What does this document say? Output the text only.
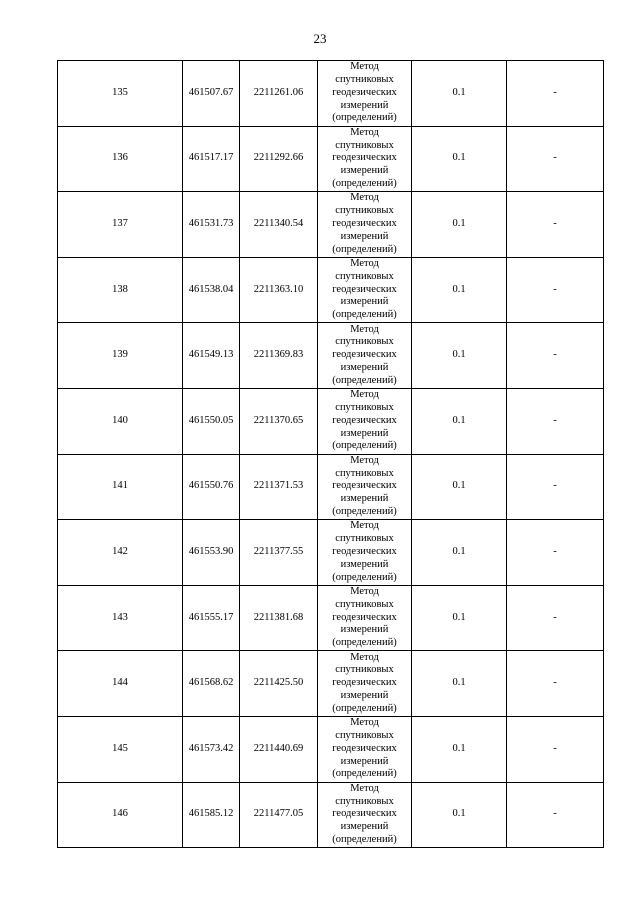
23
135	461507.67	2211261.06	Метод
спутниковых
геодезических
измерений
(определений)	0.1	-
136	461517.17	2211292.66	Метод
спутниковых
геодезических
измерений
(определений)	0.1	-
137	461531.73	2211340.54	Метод
спутниковых
геодезических
измерений
(определений)	0.1	-
138	461538.04	2211363.10	Метод
спутниковых
геодезических
измерений
(определений)	0.1	-
139	461549.13	2211369.83	Метод
спутниковых
геодезических
измерений
(определений)	0.1	-
140	461550.05	2211370.65	Метод
спутниковых
геодезических
измерений
(определений)	0.1	-
141	461550.76	2211371.53	Метод
спутниковых
геодезических
измерений
(определений)	0.1	-
142	461553.90	2211377.55	Метод
спутниковых
геодезических
измерений
(определений)	0.1	-
143	461555.17	2211381.68	Метод
спутниковых
геодезических
измерений
(определений)	0.1	-
144	461568.62	2211425.50	Метод
спутниковых
геодезических
измерений
(определений)	0.1	-
145	461573.42	2211440.69	Метод
спутниковых
геодезических
измерений
(определений)	0.1	-
146	461585.12	2211477.05	Метод
спутниковых
геодезических
измерений
(определений)	0.1	-
